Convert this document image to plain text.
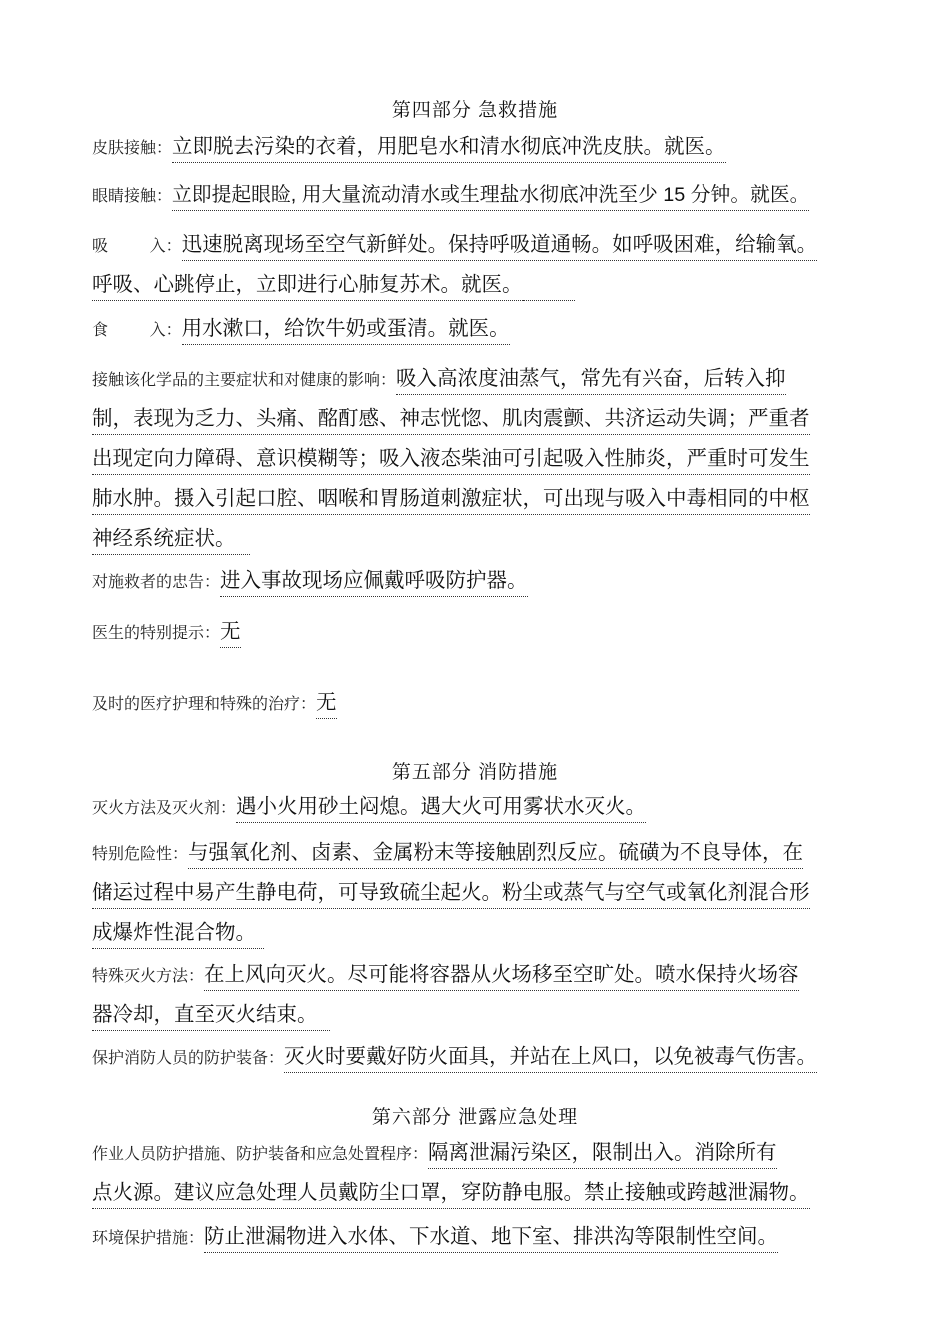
第四部分 急救措施
皮肤接触：立即脱去污染的衣着，用肥皂水和清水彻底冲洗皮肤。就医。
眼睛接触：立即提起眼睑, 用大量流动清水或生理盐水彻底冲洗至少 15 分钟。就医。
吸入：迅速脱离现场至空气新鲜处。保持呼吸道通畅。如呼吸困难，给输氧。
呼吸、心跳停止，立即进行心肺复苏术。就医。
食入：用水漱口，给饮牛奶或蛋清。就医。
接触该化学品的主要症状和对健康的影响：吸入高浓度油蒸气，常先有兴奋，后转入抑
制，表现为乏力、头痛、酩酊感、神志恍惚、肌肉震颤、共济运动失调；严重者
出现定向力障碍、意识模糊等；吸入液态柴油可引起吸入性肺炎，严重时可发生
肺水肿。摄入引起口腔、咽喉和胃肠道刺激症状，可出现与吸入中毒相同的中枢
神经系统症状。
对施救者的忠告：进入事故现场应佩戴呼吸防护器。
医生的特别提示：无
及时的医疗护理和特殊的治疗：无
第五部分 消防措施
灭火方法及灭火剂：遇小火用砂土闷熄。遇大火可用雾状水灭火。
特别危险性：与强氧化剂、卤素、金属粉末等接触剧烈反应。硫磺为不良导体，在
储运过程中易产生静电荷，可导致硫尘起火。粉尘或蒸气与空气或氧化剂混合形
成爆炸性混合物。
特殊灭火方法：在上风向灭火。尽可能将容器从火场移至空旷处。喷水保持火场容
器冷却，直至灭火结束。
保护消防人员的防护装备：灭火时要戴好防火面具，并站在上风口，以免被毒气伤害。
第六部分 泄露应急处理
作业人员防护措施、防护装备和应急处置程序：隔离泄漏污染区，限制出入。消除所有
点火源。建议应急处理人员戴防尘口罩，穿防静电服。禁止接触或跨越泄漏物。
环境保护措施：防止泄漏物进入水体、下水道、地下室、排洪沟等限制性空间。
